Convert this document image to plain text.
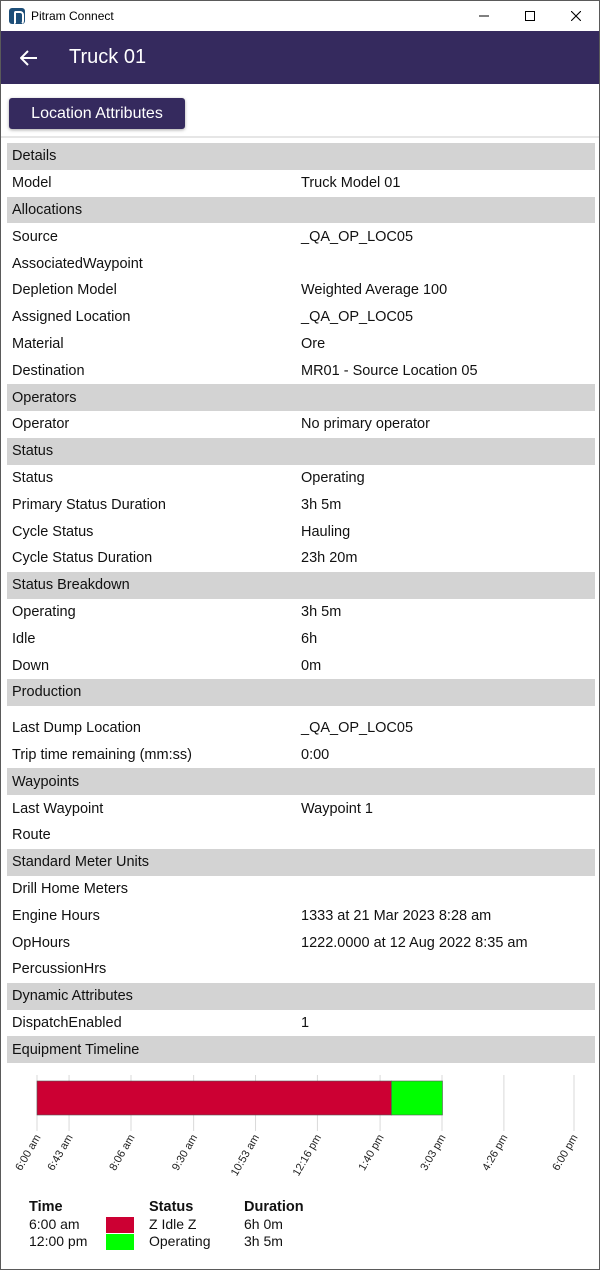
Pitram Connect
Truck 01
Location Attributes
Details
Model	Truck Model 01
Allocations
Source	_QA_OP_LOC05
AssociatedWaypoint
Depletion Model	Weighted Average 100
Assigned Location	_QA_OP_LOC05
Material	Ore
Destination	MR01 - Source Location 05
Operators
Operator	No primary operator
Status
Status	Operating
Primary Status Duration	3h 5m
Cycle Status	Hauling
Cycle Status Duration	23h 20m
Status Breakdown
Operating	3h 5m
Idle	6h
Down	0m
Production
Last Dump Location	_QA_OP_LOC05
Trip time remaining (mm:ss)	0:00
Waypoints
Last Waypoint	Waypoint 1
Route
Standard Meter Units
Drill Home Meters
Engine Hours	1333 at 21 Mar 2023 8:28 am
OpHours	1222.0000 at 12 Aug 2022 8:35 am
PercussionHrs
Dynamic Attributes
DispatchEnabled	1
Equipment Timeline
6:00 am 6:43 am	8:06 am	9:30 am	10:53 am	12:16 pm	1:40 pm	3:03 pm	4:26 pm	6:00 pm
Time	Status	Duration
6:00 am	Z Idle Z	6h 0m
12:00 pm	Operating 3h 5m
